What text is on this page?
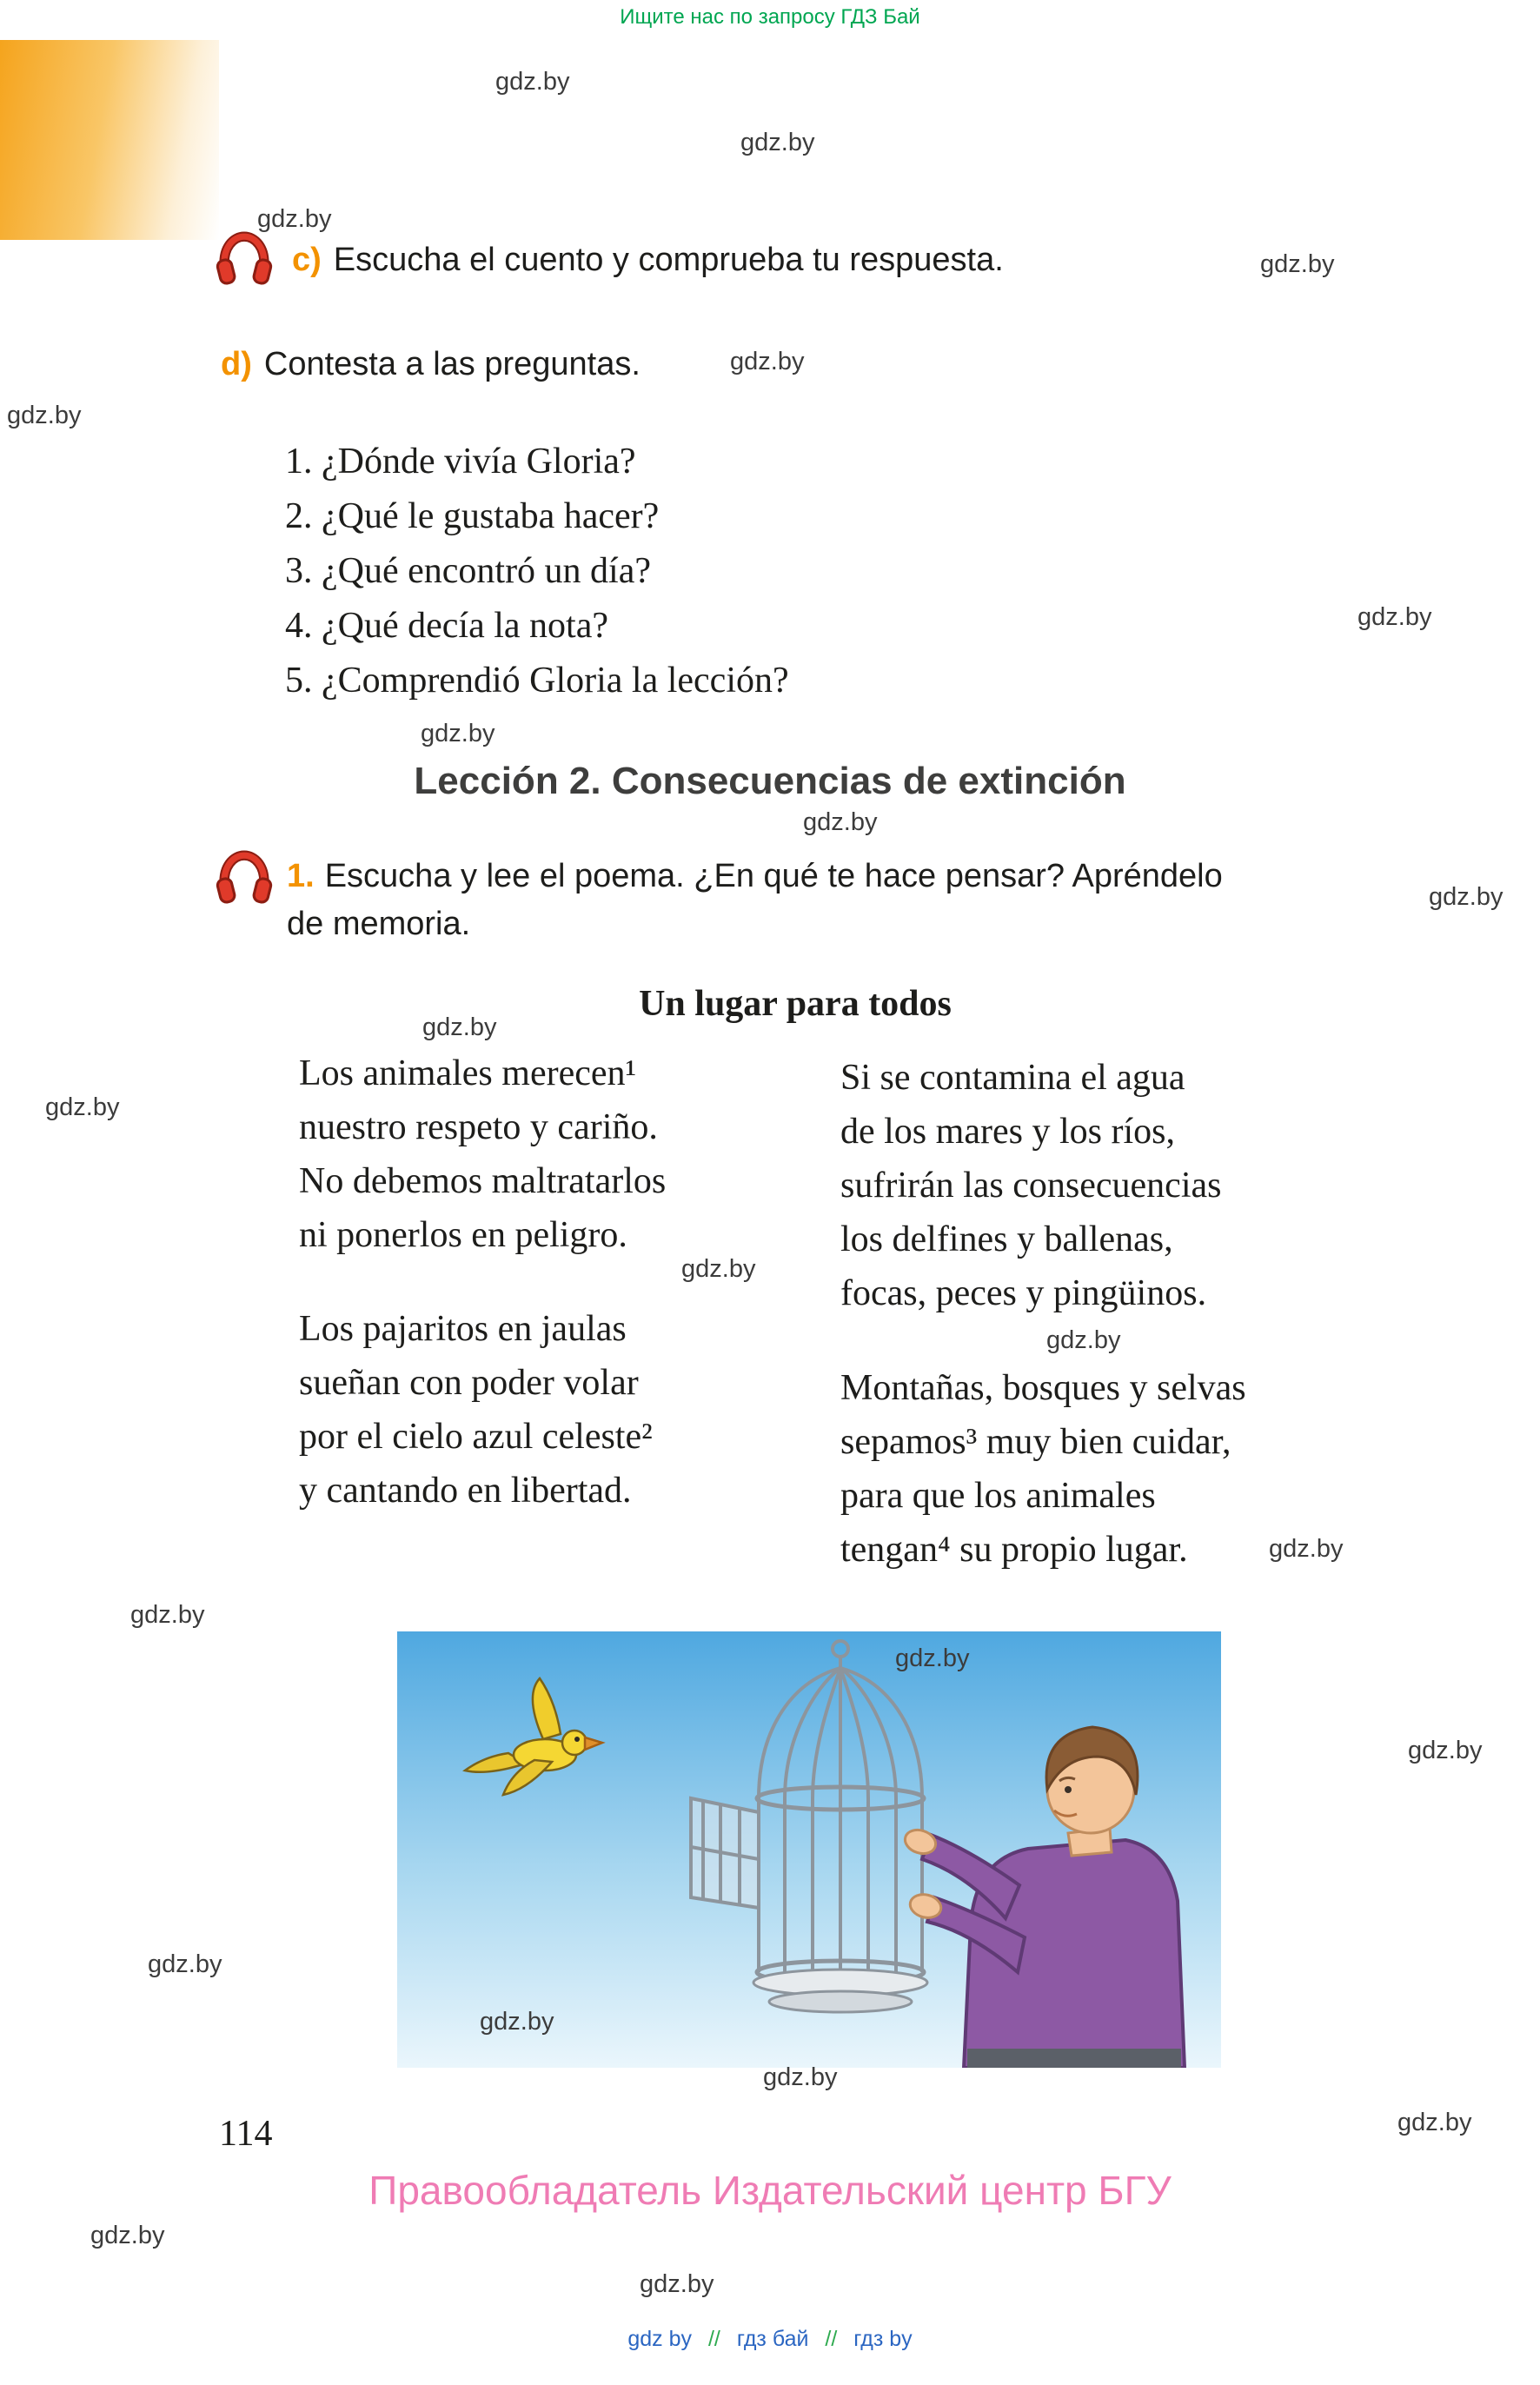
Ищите нас по запросу ГДЗ Бай
gdz.by
gdz.by
gdz.by
gdz.by
gdz.by
gdz.by
gdz.by
gdz.by
gdz.by
gdz.by
gdz.by
gdz.by
gdz.by
gdz.by
gdz.by
gdz.by
gdz.by
gdz.by
gdz.by
gdz.by
gdz.by
gdz.by
gdz.by
gdz.by
c) Escucha el cuento y comprueba tu respuesta.
d) Contesta a las preguntas.
1. ¿Dónde vivía Gloria?
2. ¿Qué le gustaba hacer?
3. ¿Qué encontró un día?
4. ¿Qué decía la nota?
5. ¿Comprendió Gloria la lección?
Lección 2. Consecuencias de extinción
1. Escucha y lee el poema. ¿En qué te hace pensar? Apréndelo
de memoria.
Un lugar para todos
Los animales merecen¹
nuestro respeto y cariño.
No debemos maltratarlos
ni ponerlos en peligro.
Los pajaritos en jaulas
sueñan con poder volar
por el cielo azul celeste²
y cantando en libertad.
Si se contamina el agua
de los mares y los ríos,
sufrirán las consecuencias
los delfines y ballenas,
focas, peces y pingüinos.
Montañas, bosques y selvas
sepamos³ muy bien cuidar,
para que los animales
tengan⁴ su propio lugar.
114
Правообладатель Издательский центр БГУ
gdz by // гдз бай // гдз by
